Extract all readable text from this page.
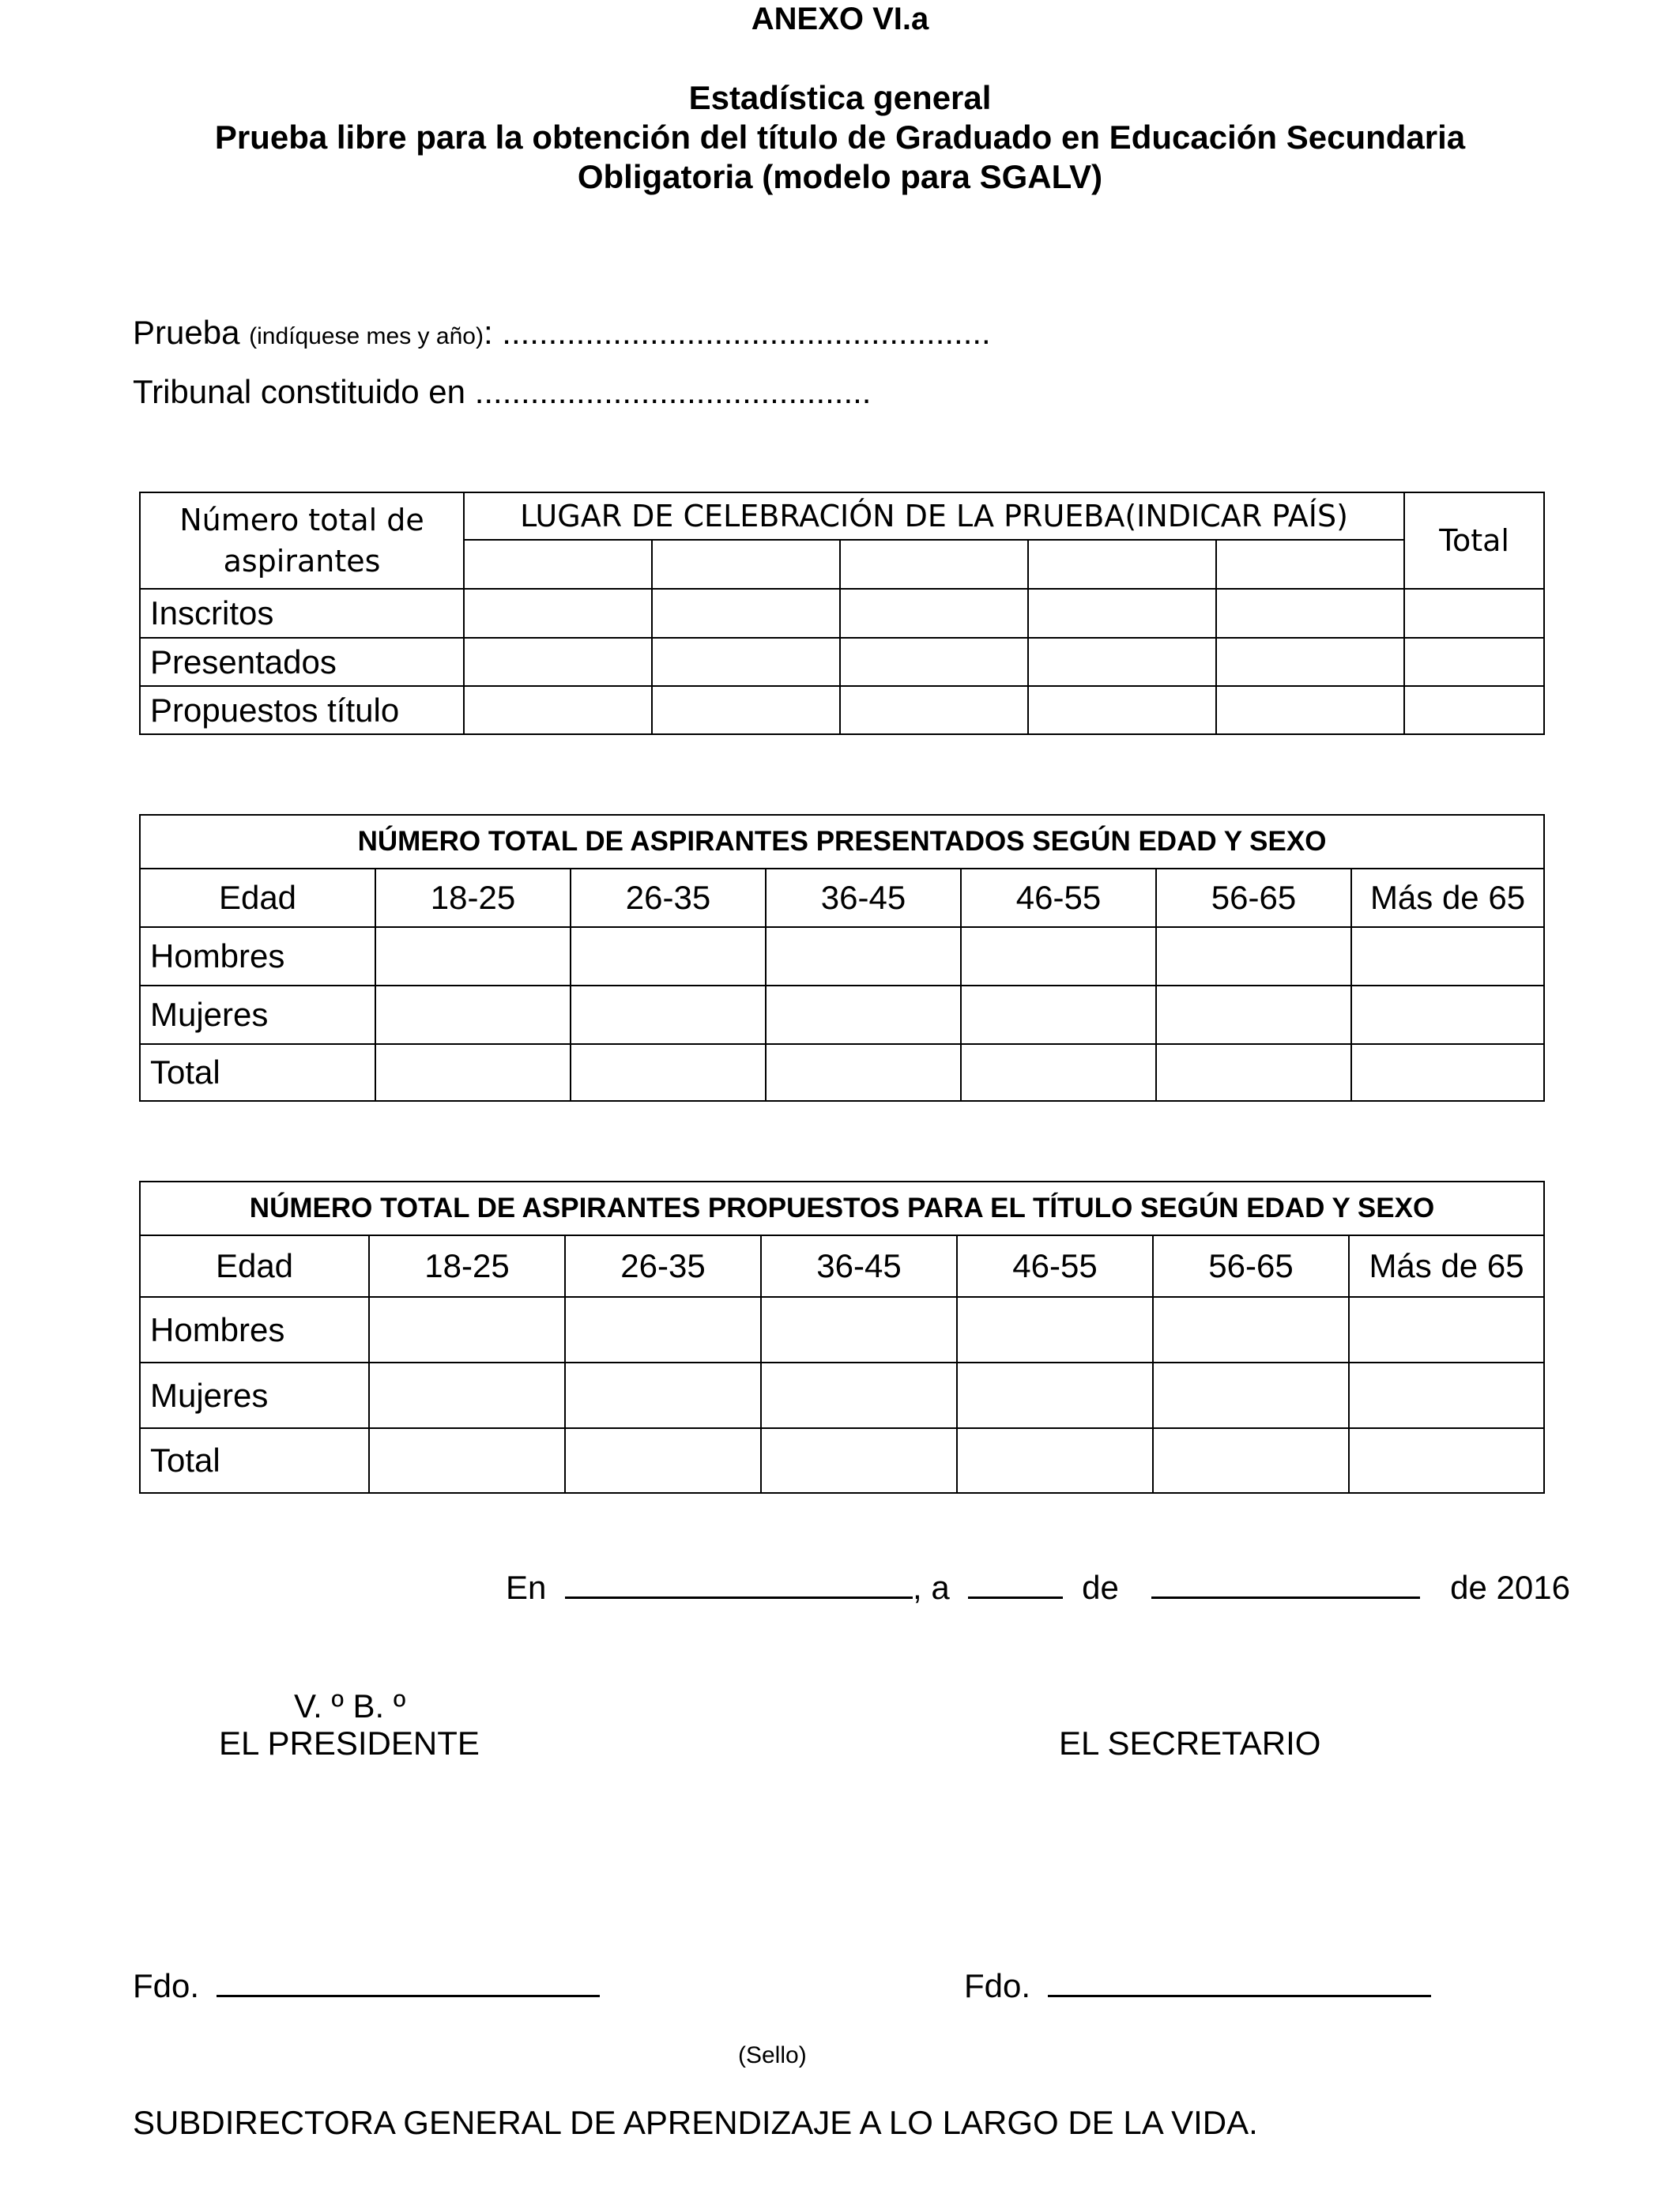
ANEXO VI.a
Estadística general
Prueba libre para la obtención del título de Graduado en Educación Secundaria
Obligatoria (modelo para SGALV)
Prueba (indíquese mes y año): .....................................................
Tribunal constituido en ...........................................
Número total de aspirantes	LUGAR DE CELEBRACIÓN DE LA PRUEBA(INDICAR PAÍS)					Total

Inscritos						
Presentados						
Propuestos título						
NÚMERO TOTAL DE ASPIRANTES PRESENTADOS SEGÚN EDAD Y SEXO						
Edad	18-25	26-35	36-45	46-55	56-65	Más de 65
Hombres						
Mujeres						
Total						
NÚMERO TOTAL DE ASPIRANTES PROPUESTOS PARA EL TÍTULO SEGÚN EDAD Y SEXO						
Edad	18-25	26-35	36-45	46-55	56-65	Más de 65
Hombres						
Mujeres						
Total						
En	, a	de	de 2016
V. º B. º
EL PRESIDENTE	EL SECRETARIO
Fdo.	Fdo.
(Sello)
SUBDIRECTORA GENERAL DE APRENDIZAJE A LO LARGO DE LA VIDA.
